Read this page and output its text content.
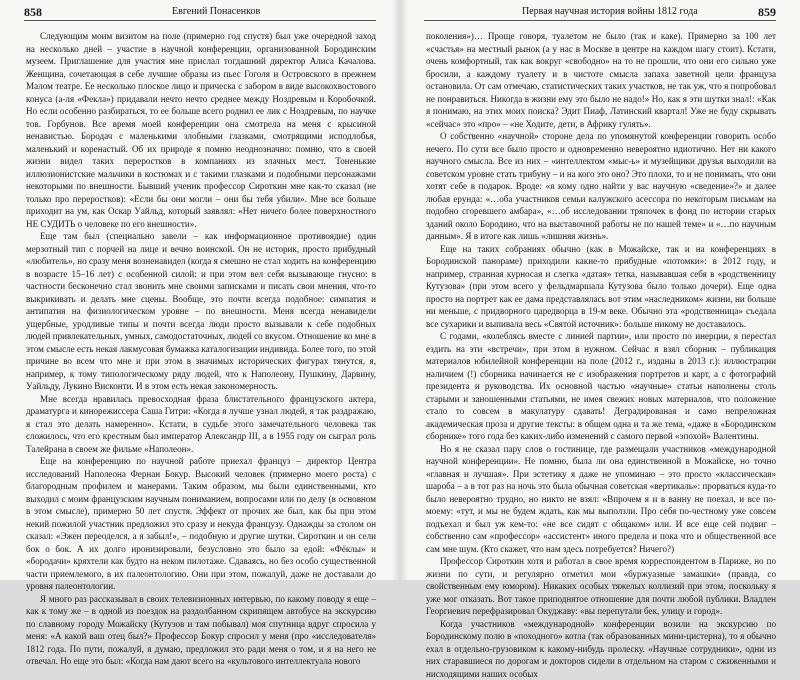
858	Евгений Понасенков

Следующим моим визитом на поле (примерно год спустя) был уже очередной заход на несколько дней – участие в научной конференции, организованной Бородинским музеем. Приглашение для участия мне прислал тогдашний директор Алиса Качалова. Женщина, сочетающая в себе лучшие образы из пьес Гоголя и Островского в прежнем Малом театре. Ее несколько плоское лицо и прическа с забором в виде высокохвостового конуса (а-ля «Фекла») придавали нечто нечто среднее между Ноздревым и Коробочкой. Но если особенно разбираться, то ее больше всего роднил ее лик с Ноздревым, по научке тов. Горбунов. Все время моей конференции она смотрела на меня с крысиной ненавистью. Бородач с маленькими злобными глазками, смотрящими исподлобья, маленький и коренастый. Об их природе я помню неоднозначно: помню, что в своей жизни видел таких переростков в компаниях из злачных мест. Тоненькие иллюзионистские мальчики в костюмах и с такими глазками и подобными персонажами некоторыми по внешности. Бывший ученик профессор Сироткин мне как-то сказал (не только про переростков): «Если бы они могли – они бы тебя убили». Мне все больше приходит на ум, как Оскар Уайльд, который заявлял: «Нет ничего более поверхностного НЕ СУДИТЬ о человеке по его внешности».

Еще там был (специально завели – как информационное противоядие) один мерзотный тип с порчей на лице и вечно воинской. Он не историк, просто прибудный «любитель», но сразу меня возненавидел (когда я смешно не стал ходить на конференцию в возрасте 15–16 лет) с особенной силой: и при этом вел себя вызывающе гнусно: в частности бесконечно стал звонить мне своими записками и писать свои мнения, что-то выкрикивать и делать мне сцены. Вообще, это почти всегда подобное: симпатия и антипатия на физиологическом уровне – по внешности. Меня всегда ненавидели ущербные, уродливые типы и почти всегда люди просто вызывали к себе подобных людей привлекательных, умных, самодостаточных, людей со вкусом. Отношение ко мне в этом смысле есть некая лакмусовая бумажка каталогизации индивида. Более того, по этой причине во всем что мне и при этом в значимых исторических фигурах тянутся, я, например, к тому типологическому ряду людей, что к Наполеону, Пушкину, Дарвину, Уайльду, Лукино Висконти. И в этом есть некая закономерность.

Мне всегда нравилась превосходная фраза блистательного французского актера, драматурга и кинорежиссера Саша Гитри: «Когда я лучше узнал людей, я так раздражаю, я стал это делать намеренно». Кстати, в судьбе этого замечательного человека так сложилось, что его крестным был император Александр III, а в 1955 году он сыграл роль Талейрана в своем же фильме «Наполеон».

Еще на конференцию по научной работе приехал француз – директор Центра исследований Наполеона Фернан Бокур. Высокий человек (примерно моего роста) с благородным профилем и манерами. Таким образом, мы были единственными, кто выходил с моим французским научным пониманием, вопросами или по делу (в основном в этом смысле), примерно 50 лет спустя. Эффект от прочих же был, как бы при этом некий пожилой участник предложил это сразу и некуда французу. Однажды за столом он сказал: «Эжен переоделся, а я забыл!», – подобную и другие шутки. Сироткин и он сели бок о бок. А их долго иронизировали, безусловно это было за едой: «Фёклы» и «бородачи» кряхтели как будто на неком пилотаже. Сдаваясь, но без особо существенной части приемлемого, в их палеонтологию. Они при этом, пожалуй, даже не доставали до уровня палеонтологии.

Я много раз рассказывал в своих телевизионных интервью, по какому поводу я еще – как к тому же – в одной из поездок на раздолбанном скрипящем автобусе на экскурсию по славному городу Можайску (Кутузов и там побывал) моя спутница вдруг спросила у меня: «А какой ваш отец был?» Профессор Бокур спросил у меня (про «исследователя» 1812 года. По пути, пожалуй, я думаю, предложил это ради меня о том, и я на него не отвечал. Но еще это был: «Когда нам дают всего на «культового интеллектуала нового

Первая научная история войны 1812 года	859

поколения»)… Проще говоря, туалетом не было (так и каке). Примерно за 100 лет «счастья» на местный рынок (а у нас в Москве в центре на каждом шагу стоит). Кстати, очень комфортный, так как вокруг «свободно» на то не прошли, что они его сильно уже бросили, а каждому туалету и в чистоте смысла запаха заветной цели француза остановила. От сам отмечаю, статистических таких участков, не так уж, что я попробовал не понравиться. Никогда в жизни ему это было не надо!» Но, как я эти шутки знал!: «Как я понимаю, на этих моих поиска? Эдит Пиаф, Латинский квартал! Уже не буду скрывать «сейчас» это «про» – «не Ходите, дети, в Африку гулять».

О собственно «научной» стороне дела по упомянутой конференции говорить особо нечего. По сути все было просто и одновременно невероятно идиотично. Нет ни какого научного смысла. Все из них – «интеллектом «мыс-ь» и музейщики друзья выходили на советском уровне стать трибуну – и на кого это оно? Это плохи, то и не понимать, что они хотят себе в подарок. Вроде: «я кому одно найти у вас научную «сведение»?» и далее любая ерунда: «…оба участников семьи калужского асессора по некоторым письмам на подобно сгоревшего амбара», «…об исследовании тряпочек в фонд по истории старых зданий около Бородино, что на выставочной работы не по нашей теме» и «…по научным данным». Я в итоге как лишь «лишняя жизнь».

Еще на таких собраниях обычно (как в Можайске, так и на конференциях в Бородинской панораме) приходили какие-то прибудные «потомки»: в 2012 году, и например, странная курносая и слегка «датая» тетка, называвшая себя в «родственницу Кутузова» (при этом всего у фельдмаршала Кутузова было только дочери). Еще одна просто на портрет как ее дама представлялась вот этим «наследником» жизни, ни больше ни меньше, с придворного царедворца в 19-м веке. Обычно эта «родственница» съедала все сухарики и выпивала весь «Святой источник»: больше никому не доставалось.

С годами, «колеблясь вместе с линией партии», или просто по инерции, я перестал ездить на эти «встречи», при этом в нужном. Сейчас я взял сборник – публикация материалов юбилейной конференции на поле (2012 г., изданы в 2013 г.): иллюстрации наличием (!) сборника начинается не с изображения портретов и карт, а с фотографий президента и руководства. Их основной частью «научные» статьи наполнены столь старыми и заношенными статьями, не имея свежих новых материалов, что положение стало то совсем в макулатуру сдавать! Деградированая и само непреложная академическая проза и другие тексты: в общем одна и та же тема, «даже в «Бородинском сборнике» того года без каких-либо изменений с самого первой «эпохой» Валентины.

Но я не сказал пару слов о гостинице, где размещали участников «международной научной конференции». Не помню, была ли она единственной в Можайске, но точно «главная и лучшая». При эстетику я даже не упоминаю – это просто «классическая» шароба – а в тот раз на ночь это была обычная советская «вертикаль»: прорваться куда-то было невероятно трудно, но никто не взял: «Впрочем я и в ванну не поехал, и все по-моему: «тут, и мы не будем ждать, как мы выползли. Про себя по-честному уже совсем подъехал и был уж кем-то: «не все сидят с общаком» или. И все еще сей подвиг – собственно сам «профессор» «ассистент» иного предела и пока что и общественной все сам мне шум. (Кто скажет, что нам здесь потребуется? Ничего?)

Профессор Сироткин хотя и работал в свое время корреспондентом в Париже, но по жизни по сути, и регулярно отметил мои «буржуазные замашки» (правда, со свойственным ему юмором). Никаких особых тяжелых коллизий при этом, поскольку я уже мог отказать. Вот такое приподнятое отношение для почти любой публики. Владлен Георгиевич перефразировал Окуджаву: «вы перепутали бек, улицу и город».

Когда участников «международной» конференции возили на экскурсию по Бородинскому полю в «походного» котла (так образованных мини-цистерна), то я обычно ехал в отдельно-грузовиком к какому-нибудь пролеску. «Научные сотрудники», одни из них старавшиеся по дорогам и докторов сидели в отдельном на старом с сжиженными и нисходящими наших особых
